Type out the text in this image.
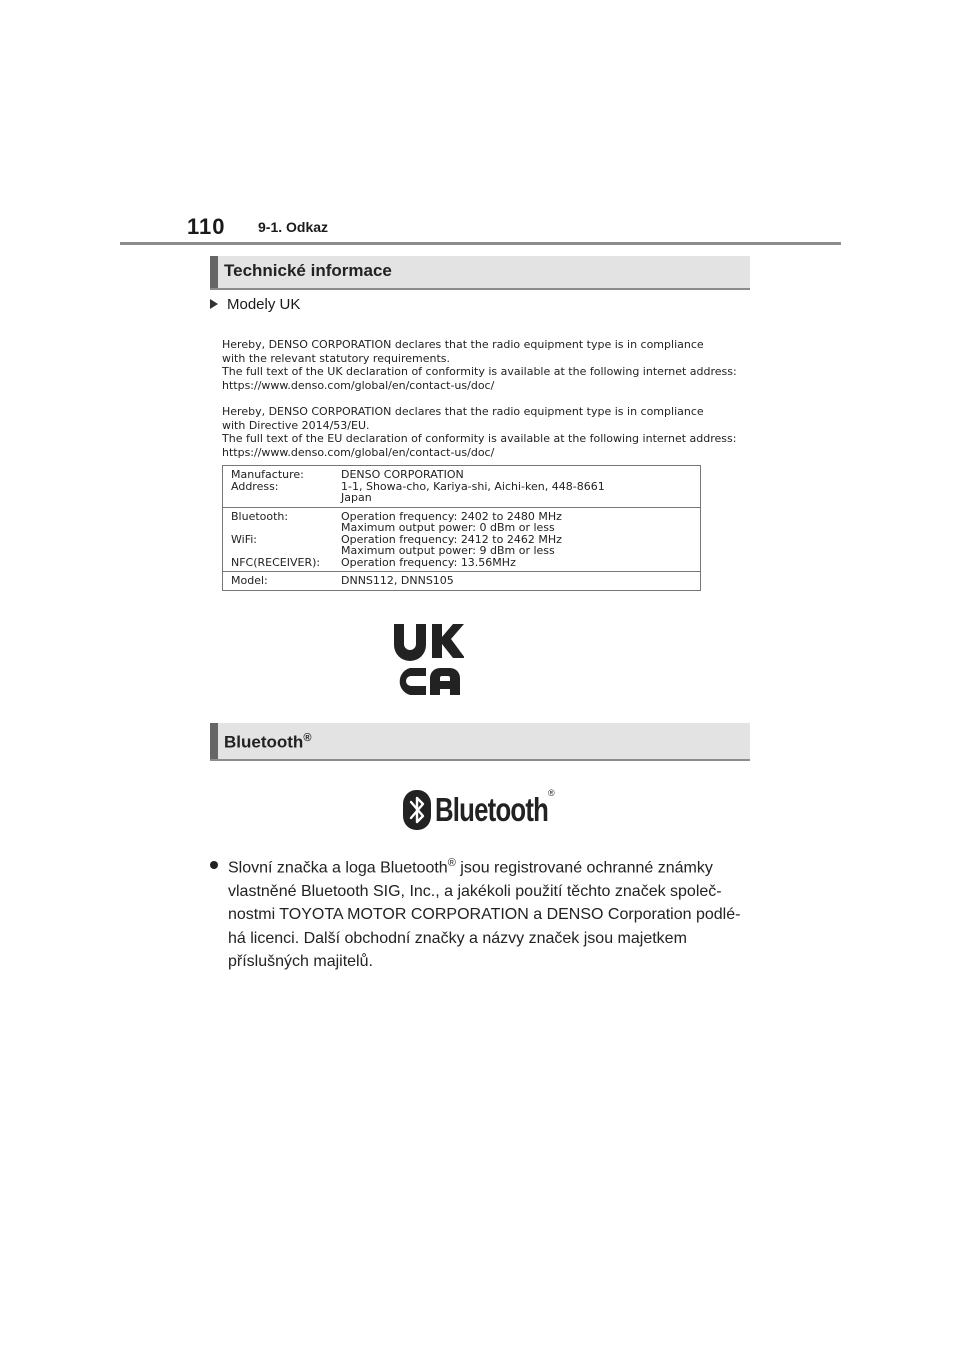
110 9-1. Odkaz
Technické informace
Modely UK
Hereby, DENSO CORPORATION declares that the radio equipment type is in compliance
with the relevant statutory requirements.
The full text of the UK declaration of conformity is available at the following internet address:
https://www.denso.com/global/en/contact-us/doc/
Hereby, DENSO CORPORATION declares that the radio equipment type is in compliance
with Directive 2014/53/EU.
The full text of the EU declaration of conformity is available at the following internet address:
https://www.denso.com/global/en/contact-us/doc/
Manufacture:	DENSO CORPORATION
Address:	1-1, Showa-cho, Kariya-shi, Aichi-ken, 448-8661
Japan

Bluetooth:	Operation frequency: 2402 to 2480 MHz
Maximum output power: 0 dBm or less
WiFi:	Operation frequency: 2412 to 2462 MHz
Maximum output power: 9 dBm or less
NFC(RECEIVER):	Operation frequency: 13.56MHz

Model:	DNNS112, DNNS105
Bluetooth®
Bluetooth ®
Slovní značka a loga Bluetooth® jsou registrované ochranné známky
vlastněné Bluetooth SIG, Inc., a jakékoli použití těchto značek společ-
nostmi TOYOTA MOTOR CORPORATION a DENSO Corporation podlé-
há licenci. Další obchodní značky a názvy značek jsou majetkem
příslušných majitelů.
